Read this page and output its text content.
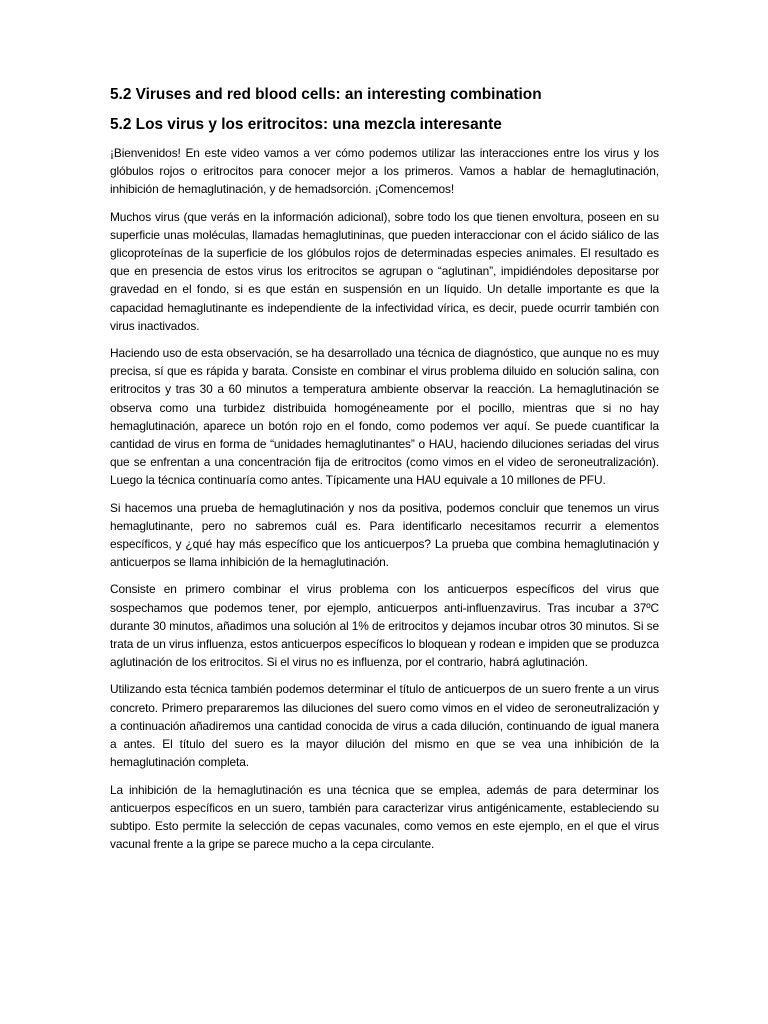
5.2 Viruses and red blood cells: an interesting combination
5.2 Los virus y los eritrocitos: una mezcla interesante

¡Bienvenidos! En este video vamos a ver cómo podemos utilizar las interacciones entre los virus y los glóbulos rojos o eritrocitos para conocer mejor a los primeros. Vamos a hablar de hemaglutinación, inhibición de hemaglutinación, y de hemadsorción. ¡Comencemos!

Muchos virus (que verás en la información adicional), sobre todo los que tienen envoltura, poseen en su superficie unas moléculas, llamadas hemaglutininas, que pueden interaccionar con el ácido siálico de las glicoproteínas de la superficie de los glóbulos rojos de determinadas especies animales. El resultado es que en presencia de estos virus los eritrocitos se agrupan o “aglutinan”, impidiéndoles depositarse por gravedad en el fondo, si es que están en suspensión en un líquido. Un detalle importante es que la capacidad hemaglutinante es independiente de la infectividad vírica, es decir, puede ocurrir también con virus inactivados.

Haciendo uso de esta observación, se ha desarrollado una técnica de diagnóstico, que aunque no es muy precisa, sí que es rápida y barata. Consiste en combinar el virus problema diluido en solución salina, con eritrocitos y tras 30 a 60 minutos a temperatura ambiente observar la reacción. La hemaglutinación se observa como una turbidez distribuida homogéneamente por el pocillo, mientras que si no hay hemaglutinación, aparece un botón rojo en el fondo, como podemos ver aquí. Se puede cuantificar la cantidad de virus en forma de “unidades hemaglutinantes” o HAU, haciendo diluciones seriadas del virus que se enfrentan a una concentración fija de eritrocitos (como vimos en el video de seroneutralización). Luego la técnica continuaría como antes. Típicamente una HAU equivale a 10 millones de PFU.

Si hacemos una prueba de hemaglutinación y nos da positiva, podemos concluir que tenemos un virus hemaglutinante, pero no sabremos cuál es. Para identificarlo necesitamos recurrir a elementos específicos, y ¿qué hay más específico que los anticuerpos? La prueba que combina hemaglutinación y anticuerpos se llama inhibición de la hemaglutinación.

Consiste en primero combinar el virus problema con los anticuerpos específicos del virus que sospechamos que podemos tener, por ejemplo, anticuerpos anti-influenzavirus. Tras incubar a 37ºC durante 30 minutos, añadimos una solución al 1% de eritrocitos y dejamos incubar otros 30 minutos. Si se trata de un virus influenza, estos anticuerpos específicos lo bloquean y rodean e impiden que se produzca aglutinación de los eritrocitos. Si el virus no es influenza, por el contrario, habrá aglutinación.

Utilizando esta técnica también podemos determinar el título de anticuerpos de un suero frente a un virus concreto. Primero prepararemos las diluciones del suero como vimos en el video de seroneutralización y a continuación añadiremos una cantidad conocida de virus a cada dilución, continuando de igual manera a antes. El título del suero es la mayor dilución del mismo en que se vea una inhibición de la hemaglutinación completa.

La inhibición de la hemaglutinación es una técnica que se emplea, además de para determinar los anticuerpos específicos en un suero, también para caracterizar virus antigénicamente, estableciendo su subtipo. Esto permite la selección de cepas vacunales, como vemos en este ejemplo, en el que el virus vacunal frente a la gripe se parece mucho a la cepa circulante.
